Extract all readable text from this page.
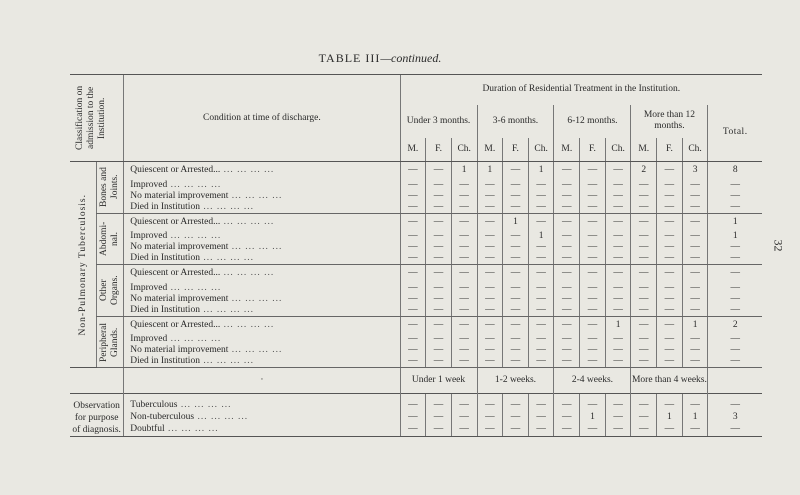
TABLE III—continued.
32
Classification on admission to the Institution.		Condition at time of discharge.	Duration of Residential Treatment in the Institution.												
			Under 3 months.			3-6 months.			6-12 months.			More than 12 months.			Total.
			M.	F.	Ch.	M.	F.	Ch.	M.	F.	Ch.	M.	F.	Ch.	

Non-Pulmonary Tuberculosis.	Bones and Joints.	Quiescent or Arrested... ... ... ... ...	—	—	1	1	—	1	—	—	—	2	—	3	8
		Improved ... ... ... ...	—	—	—	—	—	—	—	—	—	—	—	—	—
		No material improvement ... ... ... ...	—	—	—	—	—	—	—	—	—	—	—	—	—
		Died in Institution ... ... ... ...	—	—	—	—	—	—	—	—	—	—	—	—	—

	Abdomi- nal.	Quiescent or Arrested... ... ... ... ...	—	—	—	—	1	—	—	—	—	—	—	—	1
		Improved ... ... ... ...	—	—	—	—	—	1	—	—	—	—	—	—	1
		No material improvement ... ... ... ...	—	—	—	—	—	—	—	—	—	—	—	—	—
		Died in Institution ... ... ... ...	—	—	—	—	—	—	—	—	—	—	—	—	—

	Other Organs.	Quiescent or Arrested... ... ... ... ...	—	—	—	—	—	—	—	—	—	—	—	—	—
		Improved ... ... ... ...	—	—	—	—	—	—	—	—	—	—	—	—	—
		No material improvement ... ... ... ...	—	—	—	—	—	—	—	—	—	—	—	—	—
		Died in Institution ... ... ... ...	—	—	—	—	—	—	—	—	—	—	—	—	—

	Peripheral Glands.	Quiescent or Arrested... ... ... ... ...	—	—	—	—	—	—	—	—	1	—	—	1	2
		Improved ... ... ... ...	—	—	—	—	—	—	—	—	—	—	—	—	—
		No material improvement ... ... ... ...	—	—	—	—	—	—	—	—	—	—	—	—	—
		Died in Institution ... ... ... ...	—	—	—	—	—	—	—	—	—	—	—	—	—
		·	Under 1 week			1-2 weeks.			2-4 weeks.			More than 4 weeks.			

Observation for purpose of diagnosis.		Tuberculous ... ... ... ...	—	—	—	—	—	—	—	—	—	—	—	—	—
		Non-tuberculous ... ... ... ...	—	—	—	—	—	—	—	1	—	—	1	1	3
		Doubtful ... ... ... ...	—	—	—	—	—	—	—	—	—	—	—	—	—
